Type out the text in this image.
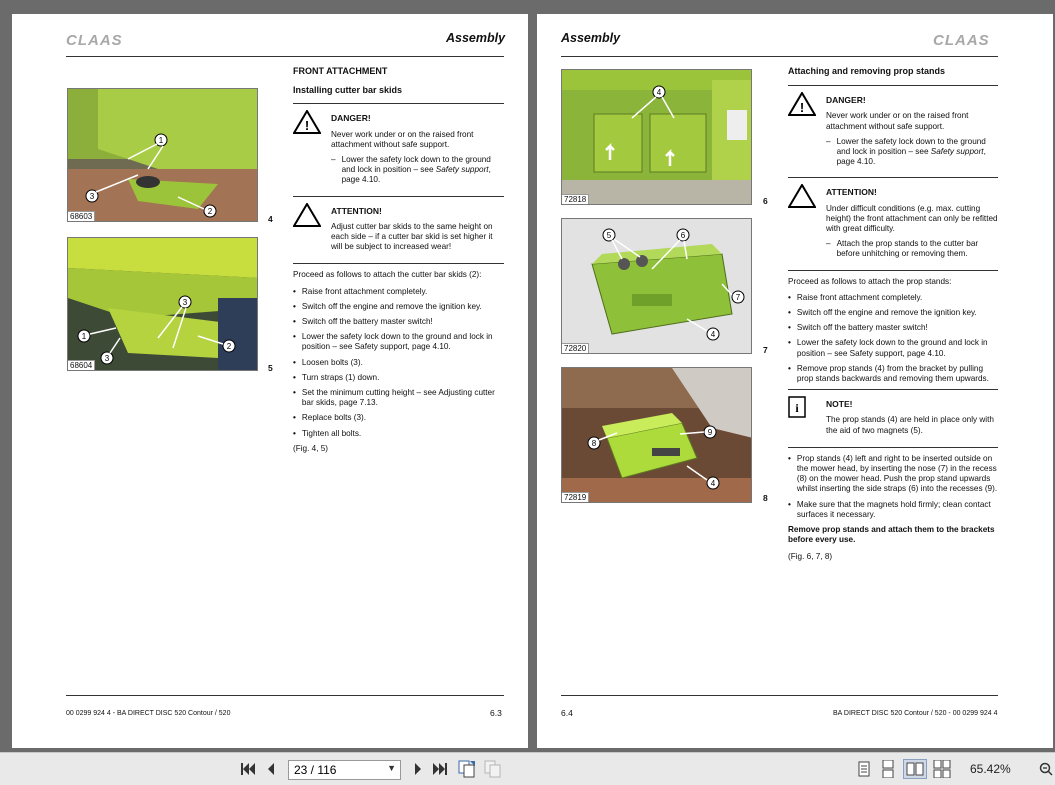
CLAAS	Assembly
1
3
2
68603	4
3
1
3
2
68604	5
FRONT ATTACHMENT
Installing cutter bar skids
!	DANGER!

Never work under or on the raised front attachment without safe support.

– Lower the safety lock down to the ground and lock in position – see Safety support, page 4.10.
ATTENTION!

Adjust cutter bar skids to the same height on each side – if a cutter bar skid is set higher it will be subject to increased wear!

Proceed as follows to attach the cutter bar skids (2):
• Raise front attachment completely.
• Switch off the engine and remove the ignition key.
• Switch off the battery master switch!
• Lower the safety lock down to the ground and lock in position – see Safety support, page 4.10.
• Loosen bolts (3).
• Turn straps (1) down.
• Set the minimum cutting height – see Adjusting cutter bar skids, page 7.13.
• Replace bolts (3).
• Tighten all bolts.
(Fig. 4, 5)
00 0299 924 4 - BA DIRECT DISC 520 Contour / 520	6.3
Assembly	CLAAS
4
72818	6
5	6
7
4
72820	7
8
9
4
72819	8
Attaching and removing prop stands
!	DANGER!

Never work under or on the raised front attachment without safe support.

– Lower the safety lock down to the ground and lock in position – see Safety support, page 4.10.
ATTENTION!

Under difficult conditions (e.g. max. cutting height) the front attachment can only be refitted with great difficulty.

– Attach the prop stands to the cutter bar before unhitching or removing them.
Proceed as follows to attach the prop stands:
• Raise front attachment completely.
• Switch off the engine and remove the ignition key.
• Switch off the battery master switch!
• Lower the safety lock down to the ground and lock in position – see Safety support, page 4.10.
• Remove prop stands (4) from the bracket by pulling prop stands backwards and removing them upwards.
i	NOTE!

The prop stands (4) are held in place only with the aid of two magnets (5).

• Prop stands (4) left and right to be inserted outside on the mower head, by inserting the nose (7) in the recess (8) on the mower head. Push the prop stand upwards whilst inserting the side straps (6) into the recesses (9).
• Make sure that the magnets hold firmly; clean contact surfaces it necessary.
Remove prop stands and attach them to the brackets before every use.
(Fig. 6, 7, 8)
6.4	BA DIRECT DISC 520 Contour / 520 - 00 0299 924 4
23 / 116	▼	65.42%
